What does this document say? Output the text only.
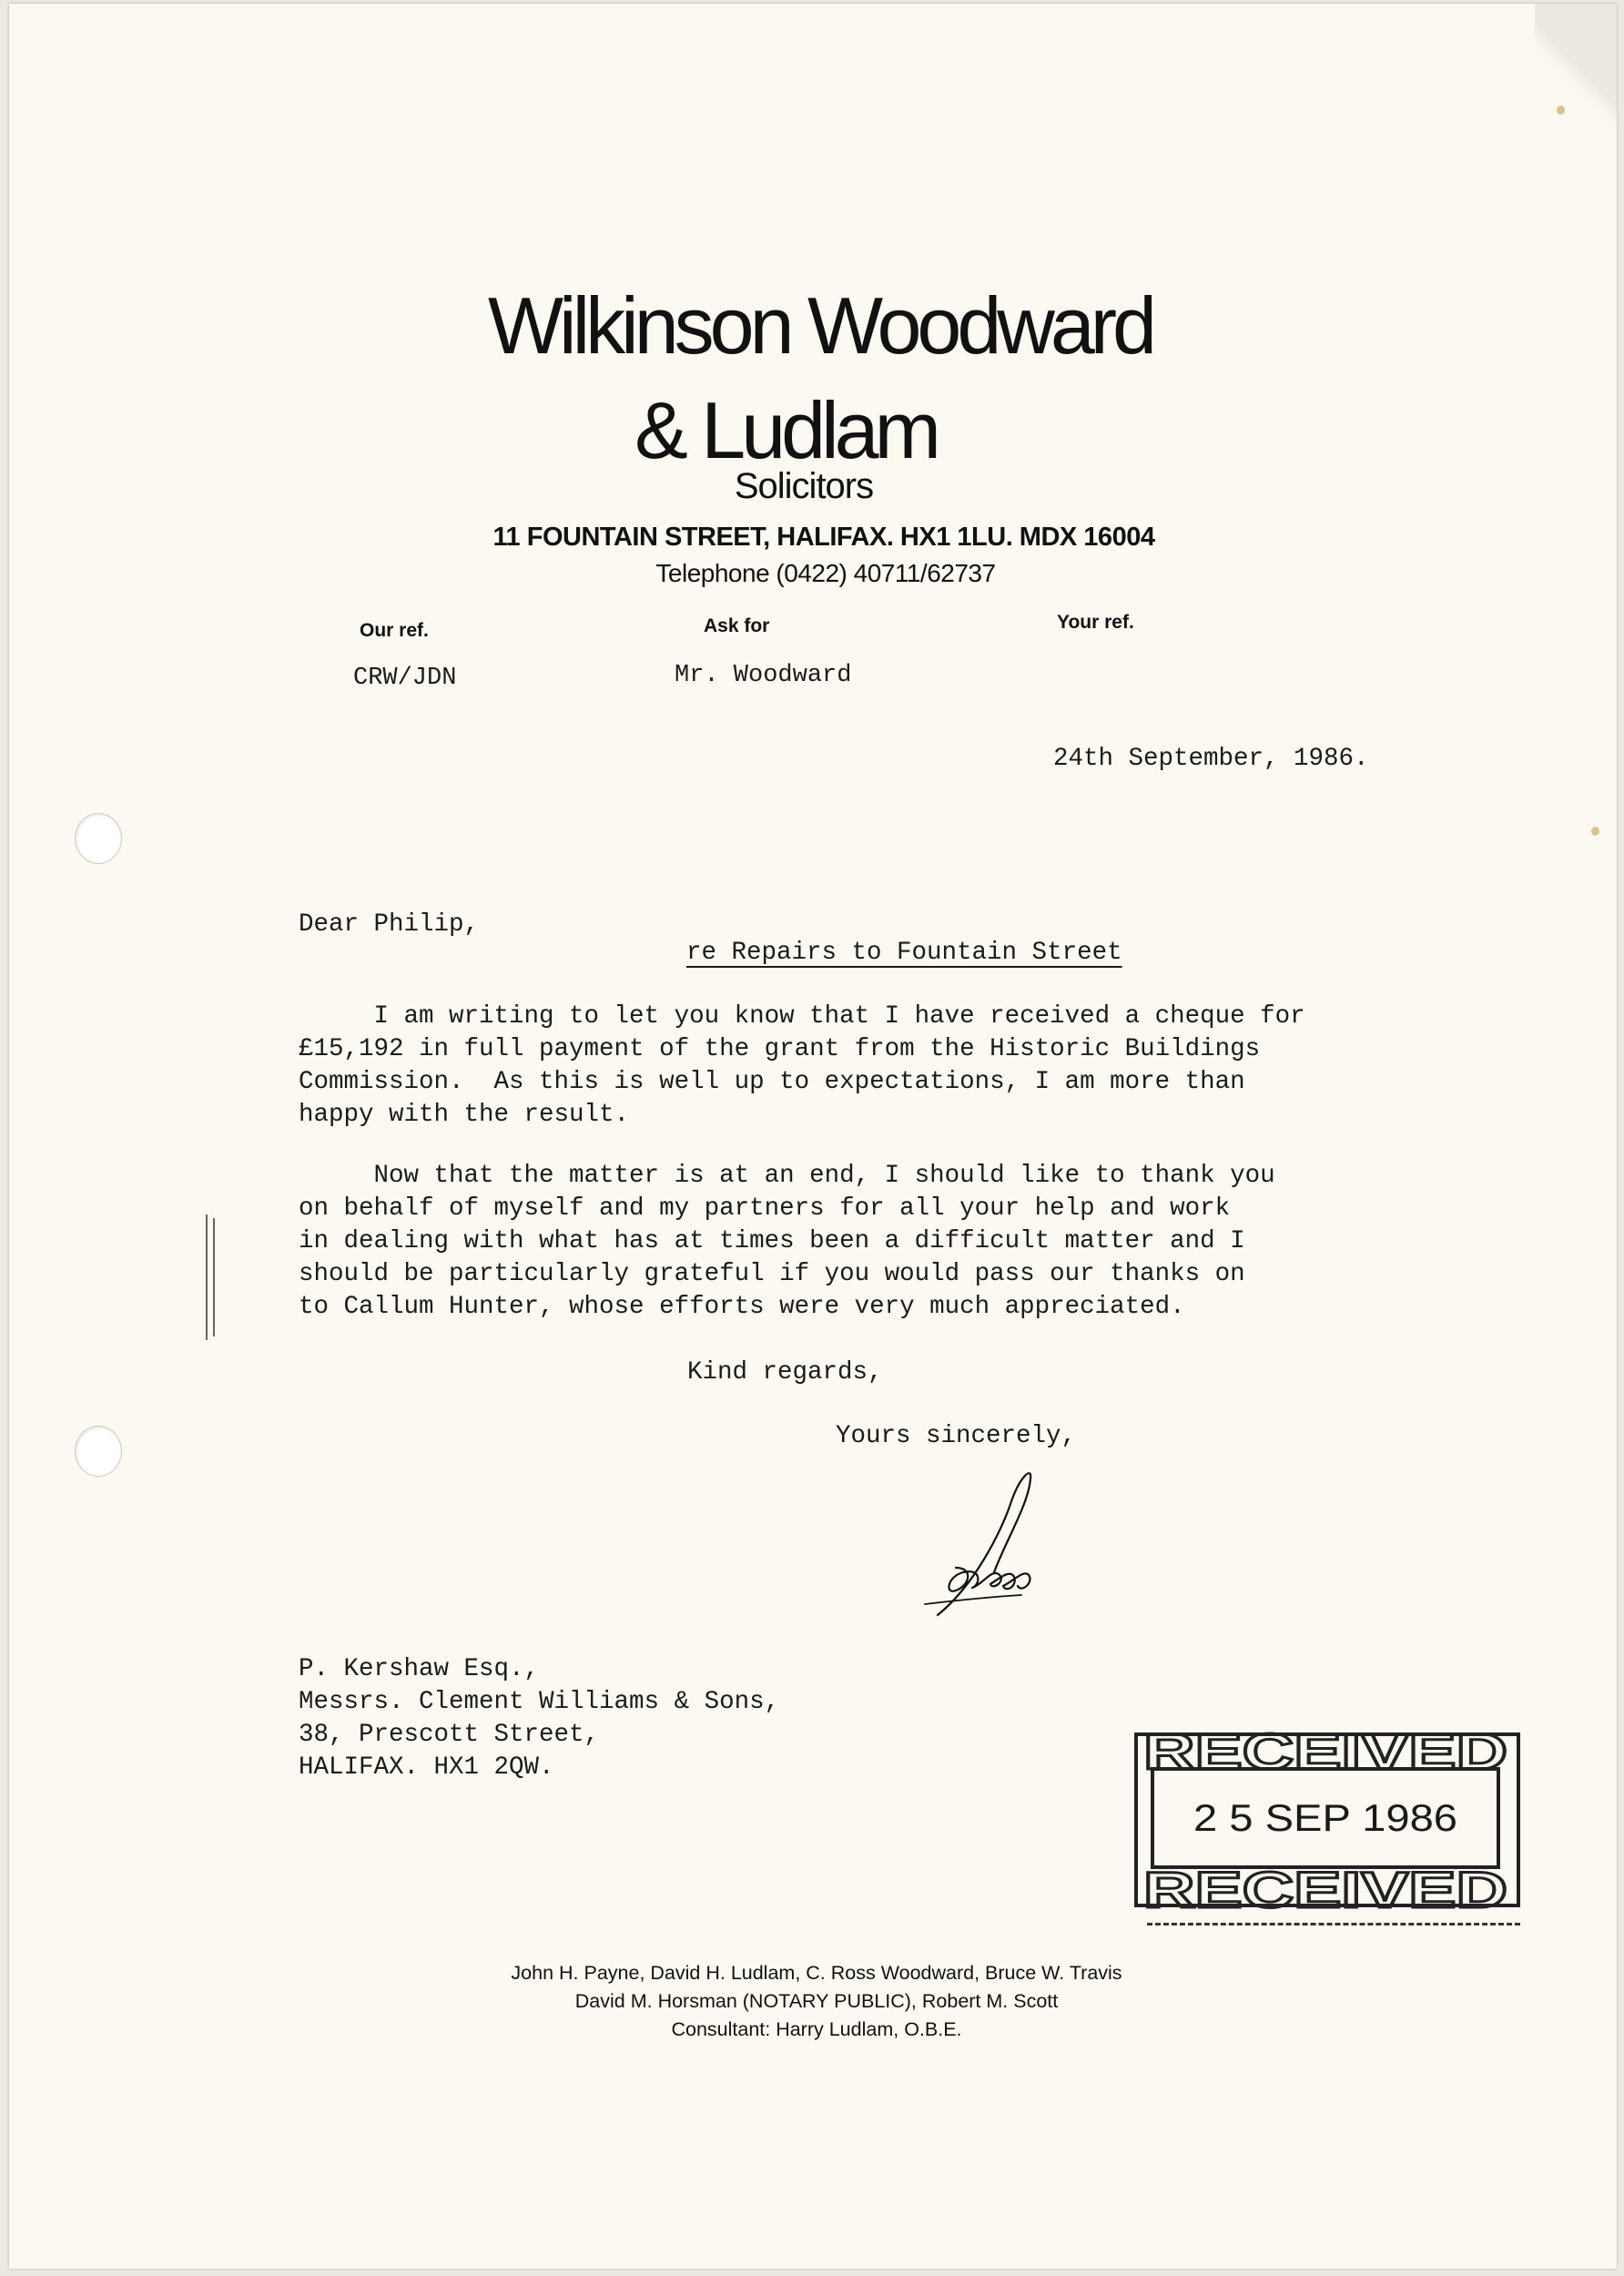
Wilkinson Woodward
& Ludlam
Solicitors
11 FOUNTAIN STREET, HALIFAX. HX1 1LU. MDX 16004
Telephone (0422) 40711/62737
Our ref.	Ask for	Your ref.
CRW/JDN	Mr. Woodward
24th September, 1986.
Dear Philip,
re Repairs to Fountain Street
I am writing to let you know that I have received a cheque for
£15,192 in full payment of the grant from the Historic Buildings
Commission.  As this is well up to expectations, I am more than
happy with the result.
Now that the matter is at an end, I should like to thank you
on behalf of myself and my partners for all your help and work
in dealing with what has at times been a difficult matter and I
should be particularly grateful if you would pass our thanks on
to Callum Hunter, whose efforts were very much appreciated.
Kind regards,
Yours sincerely,
P. Kershaw Esq.,
Messrs. Clement Williams & Sons,
38, Prescott Street,
HALIFAX. HX1 2QW.	RECEIVED
RECEIVED
2 5 SEP 1986
John H. Payne, David H. Ludlam, C. Ross Woodward, Bruce W. Travis
David M. Horsman (NOTARY PUBLIC), Robert M. Scott
Consultant: Harry Ludlam, O.B.E.
